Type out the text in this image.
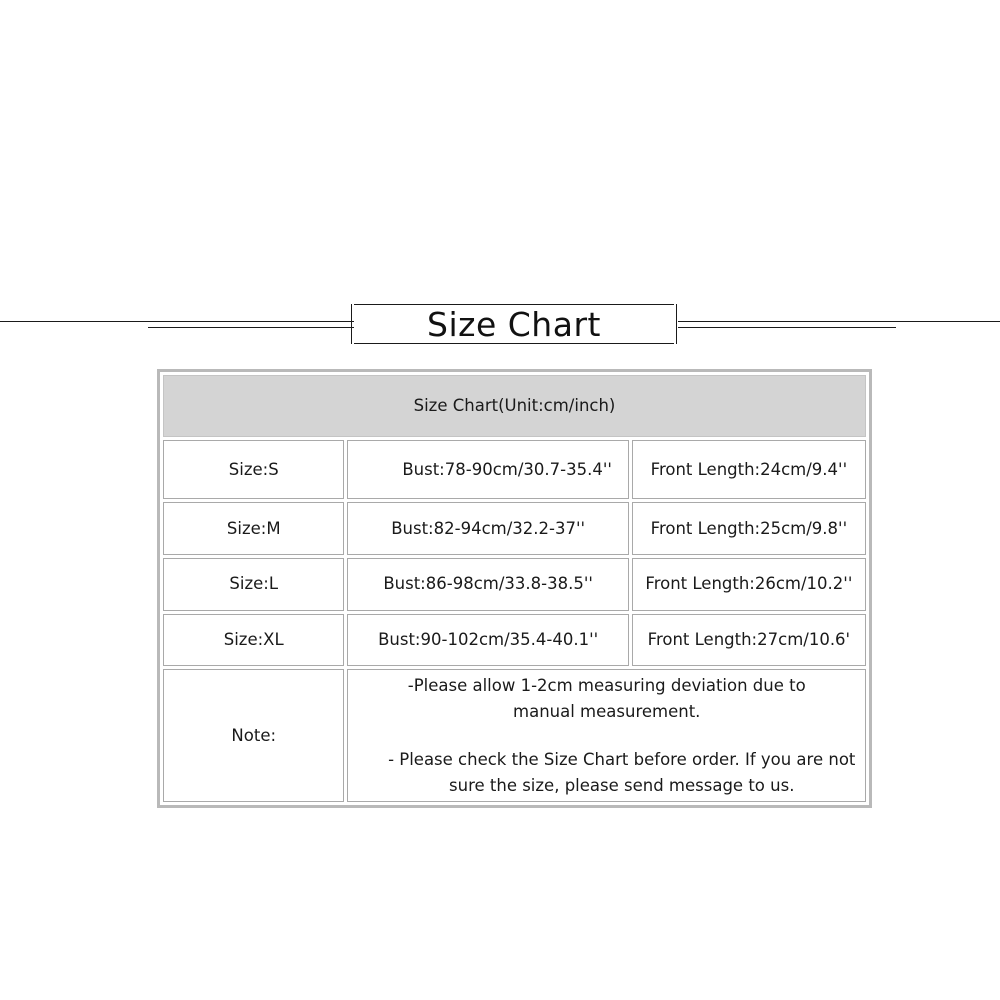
Size Chart
Size Chart(Unit:cm/inch)		
Size:S	Bust:78-90cm/30.7-35.4''	Front Length:24cm/9.4''
Size:M	Bust:82-94cm/32.2-37''	Front Length:25cm/9.8''
Size:L	Bust:86-98cm/33.8-38.5''	Front Length:26cm/10.2''
Size:XL	Bust:90-102cm/35.4-40.1''	Front Length:27cm/10.6'
Note:	-Please allow 1-2cm measuring deviation due to manual measurement.
- Please check the Size Chart before order. If you are not sure the size, please send message to us.	
